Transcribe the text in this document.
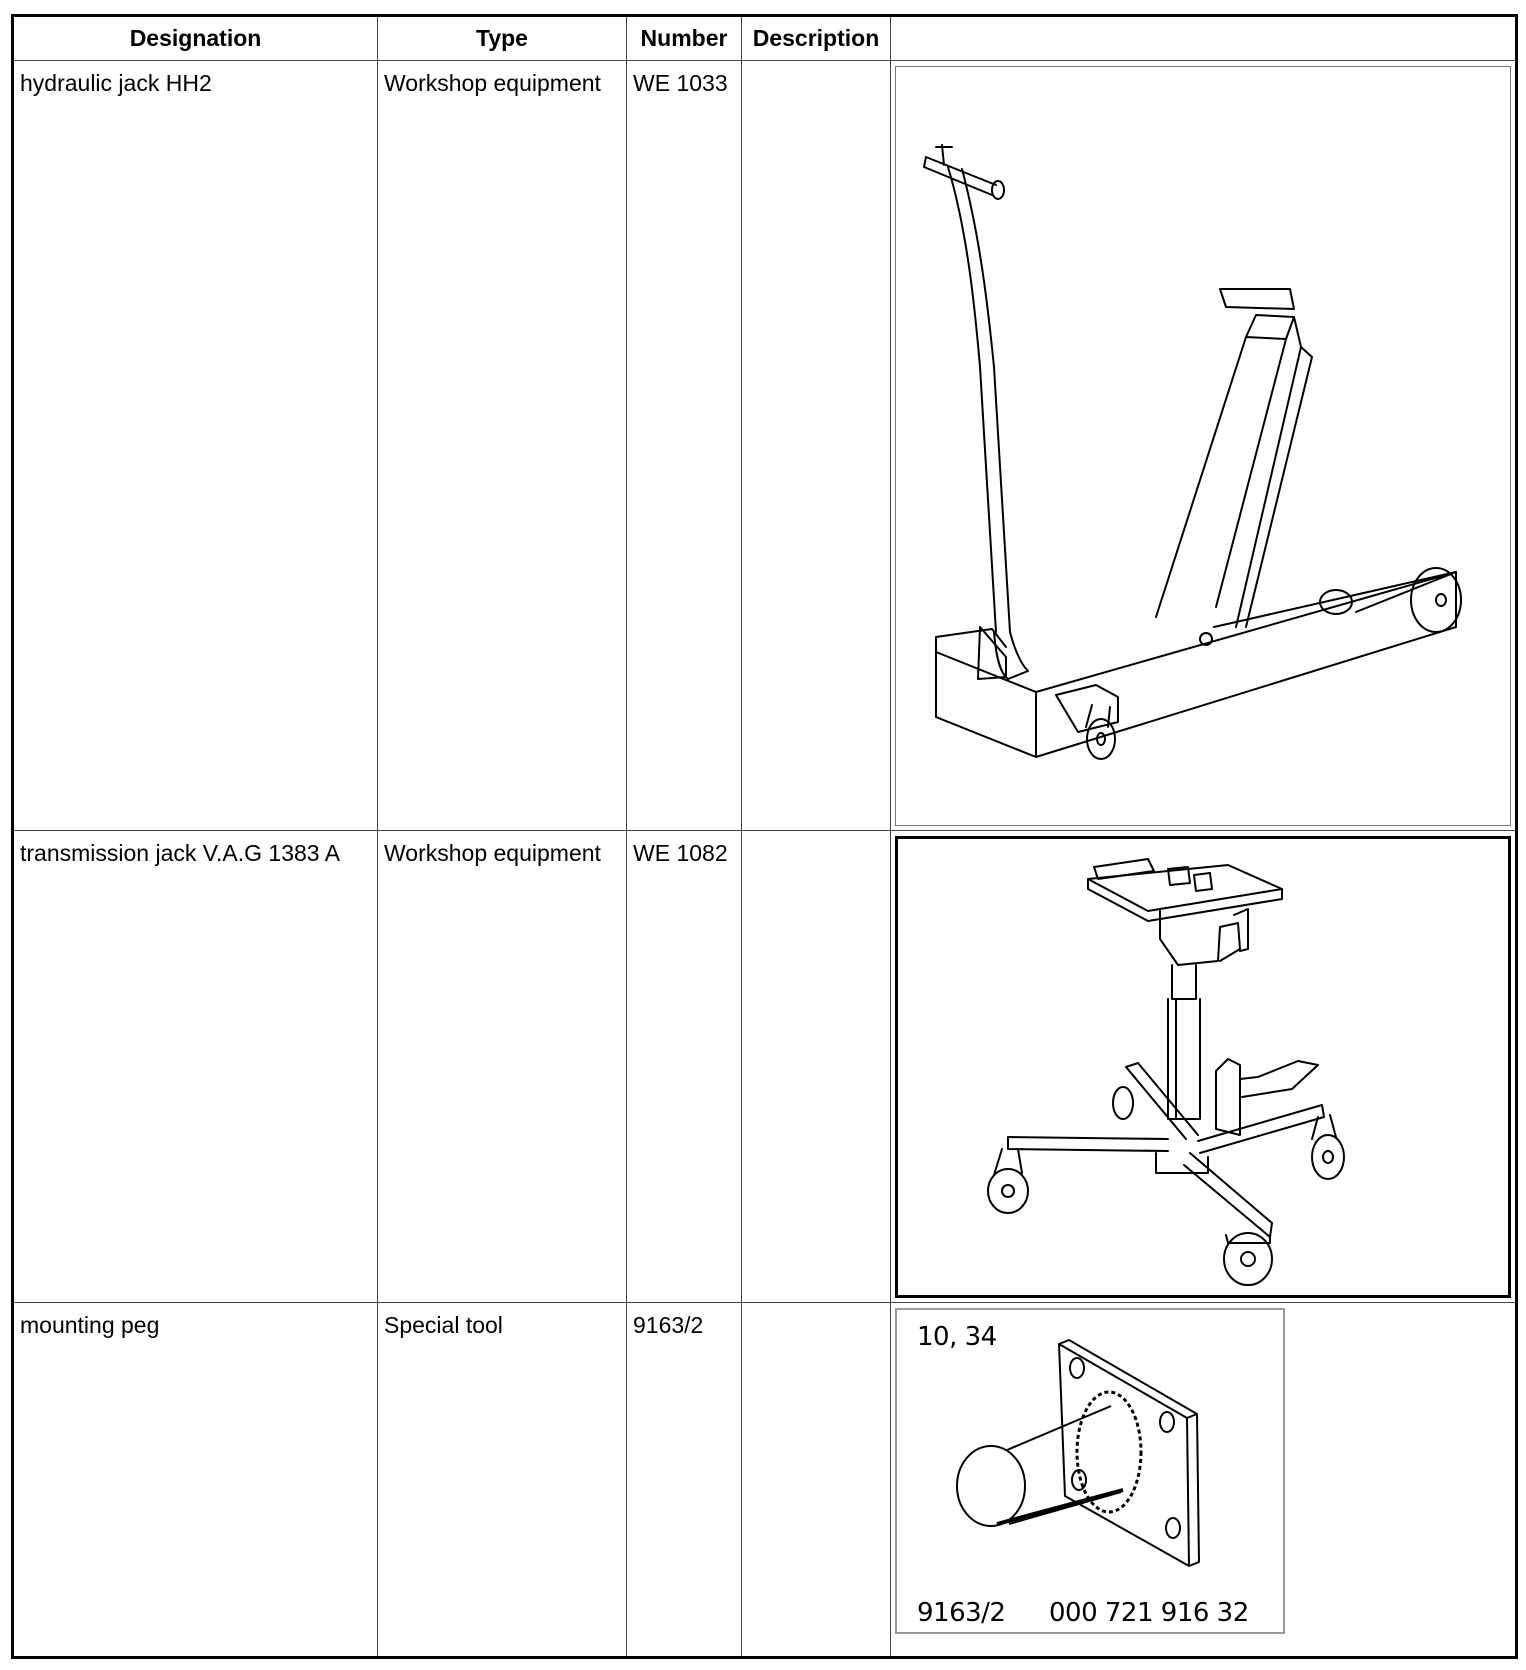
Designation	Type	Number	Description	
hydraulic jack HH2	Workshop equipment	WE 1033		

transmission jack V.A.G 1383 A	Workshop equipment	WE 1082		

mounting peg	Special tool	9163/2		10, 34
9163/2 000 721 916 32
